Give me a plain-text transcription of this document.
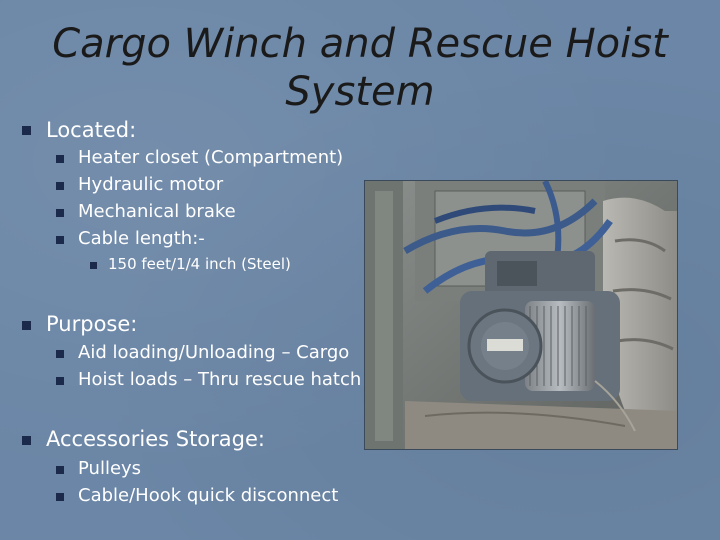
Cargo Winch and Rescue Hoist System
Located:
Heater closet (Compartment)
Hydraulic motor
Mechanical brake
Cable length:-
150 feet/1/4 inch (Steel)
Purpose:
Aid loading/Unloading – Cargo
Hoist loads – Thru rescue hatch
Accessories Storage:
Pulleys
Cable/Hook quick disconnect
